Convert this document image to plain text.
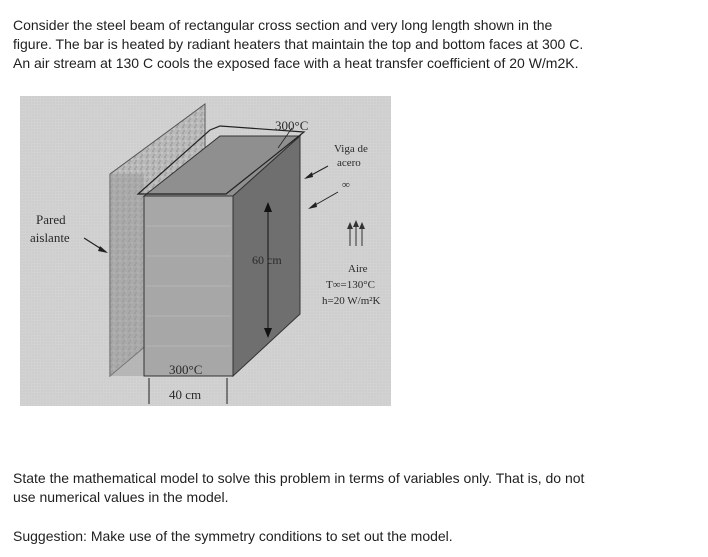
Consider the steel beam of rectangular cross section and very long length shown in the
figure. The bar is heated by radiant heaters that maintain the top and bottom faces at 300 C.
An air stream at 130 C cools the exposed face with a heat transfer coefficient of 20 W/m2K.

300°C
Viga de
acero
∞
Pared
aislante
60 cm
Aire
T∞=130°C
h=20 W/m²K
300°C
40 cm

State the mathematical model to solve this problem in terms of variables only. That is, do not
use numerical values in the model.

Suggestion: Make use of the symmetry conditions to set out the model.
